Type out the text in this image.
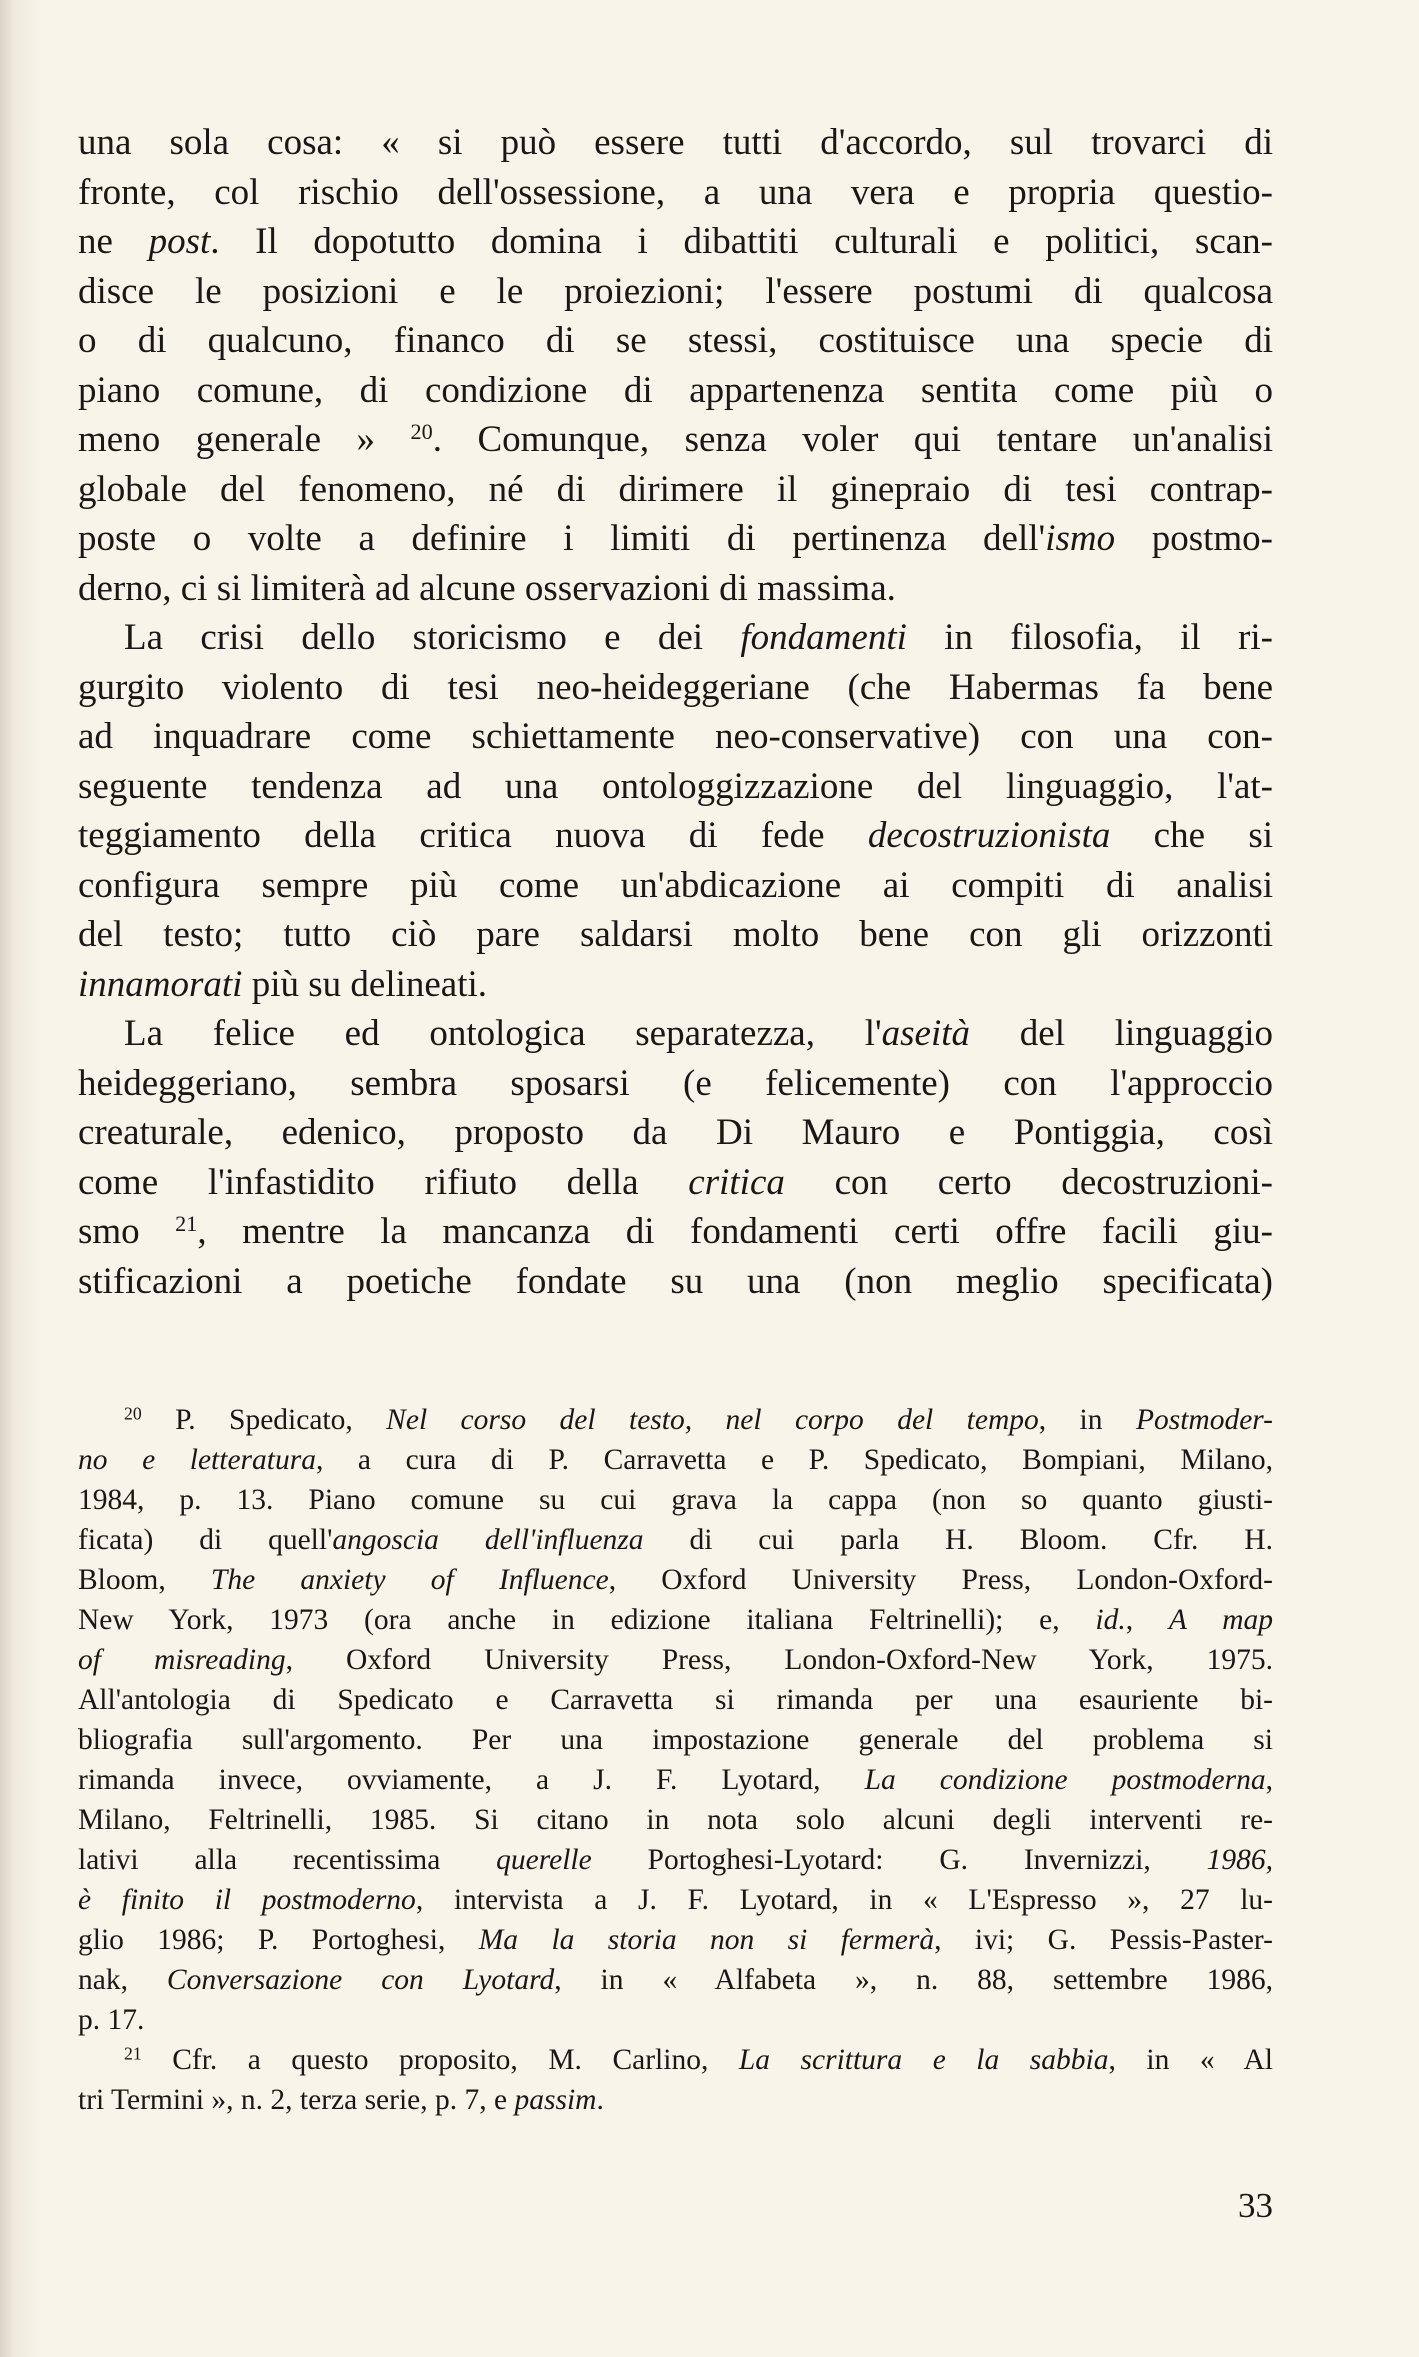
una sola cosa: « si può essere tutti d'accordo, sul trovarci di

fronte, col rischio dell'ossessione, a una vera e propria questio-

ne post. Il dopotutto domina i dibattiti culturali e politici, scan-

disce le posizioni e le proiezioni; l'essere postumi di qualcosa

o di qualcuno, financo di se stessi, costituisce una specie di

piano comune, di condizione di appartenenza sentita come più o

meno generale » $^{20}$. Comunque, senza voler qui tentare un'analisi

globale del fenomeno, né di dirimere il ginepraio di tesi contrap-

poste o volte a definire i limiti di pertinenza dell'ismo postmo-

derno, ci si limiterà ad alcune osservazioni di massima.

La crisi dello storicismo e dei fondamenti in filosofia, il ri-

gurgito violento di tesi neo-heideggeriane (che Habermas fa bene

ad inquadrare come schiettamente neo-conservative) con una con-

seguente tendenza ad una ontologgizzazione del linguaggio, l'at-

teggiamento della critica nuova di fede decostruzionista che si

configura sempre più come un'abdicazione ai compiti di analisi

del testo; tutto ciò pare saldarsi molto bene con gli orizzonti

innamorati più su delineati.

La felice ed ontologica separatezza, l'aseità del linguaggio

heideggeriano, sembra sposarsi (e felicemente) con l'approccio

creaturale, edenico, proposto da Di Mauro e Pontiggia, così

come l'infastidito rifiuto della critica con certo decostruzioni-

smo $^{21}$, mentre la mancanza di fondamenti certi offre facili giu-

stificazioni a poetiche fondate su una (non meglio specificata)

$^{20}$ P. Spedicato, Nel corso del testo, nel corpo del tempo, in Postmoder-

no e letteratura, a cura di P. Carravetta e P. Spedicato, Bompiani, Milano,

1984, p. 13. Piano comune su cui grava la cappa (non so quanto giusti-

ficata) di quell'angoscia dell'influenza di cui parla H. Bloom. Cfr. H.

Bloom, The anxiety of Influence, Oxford University Press, London-Oxford-

New York, 1973 (ora anche in edizione italiana Feltrinelli); e, id., A map

of misreading, Oxford University Press, London-Oxford-New York, 1975.

All'antologia di Spedicato e Carravetta si rimanda per una esauriente bi-

bliografia sull'argomento. Per una impostazione generale del problema si

rimanda invece, ovviamente, a J. F. Lyotard, La condizione postmoderna,

Milano, Feltrinelli, 1985. Si citano in nota solo alcuni degli interventi re-

lativi alla recentissima querelle Portoghesi-Lyotard: G. Invernizzi, 1986,

è finito il postmoderno, intervista a J. F. Lyotard, in « L'Espresso », 27 lu-

glio 1986; P. Portoghesi, Ma la storia non si fermerà, ivi; G. Pessis-Paster-

nak, Conversazione con Lyotard, in « Alfabeta », n. 88, settembre 1986,

p. 17.

$^{21}$ Cfr. a questo proposito, M. Carlino, La scrittura e la sabbia, in « Al

tri Termini », n. 2, terza serie, p. 7, e passim.

33
